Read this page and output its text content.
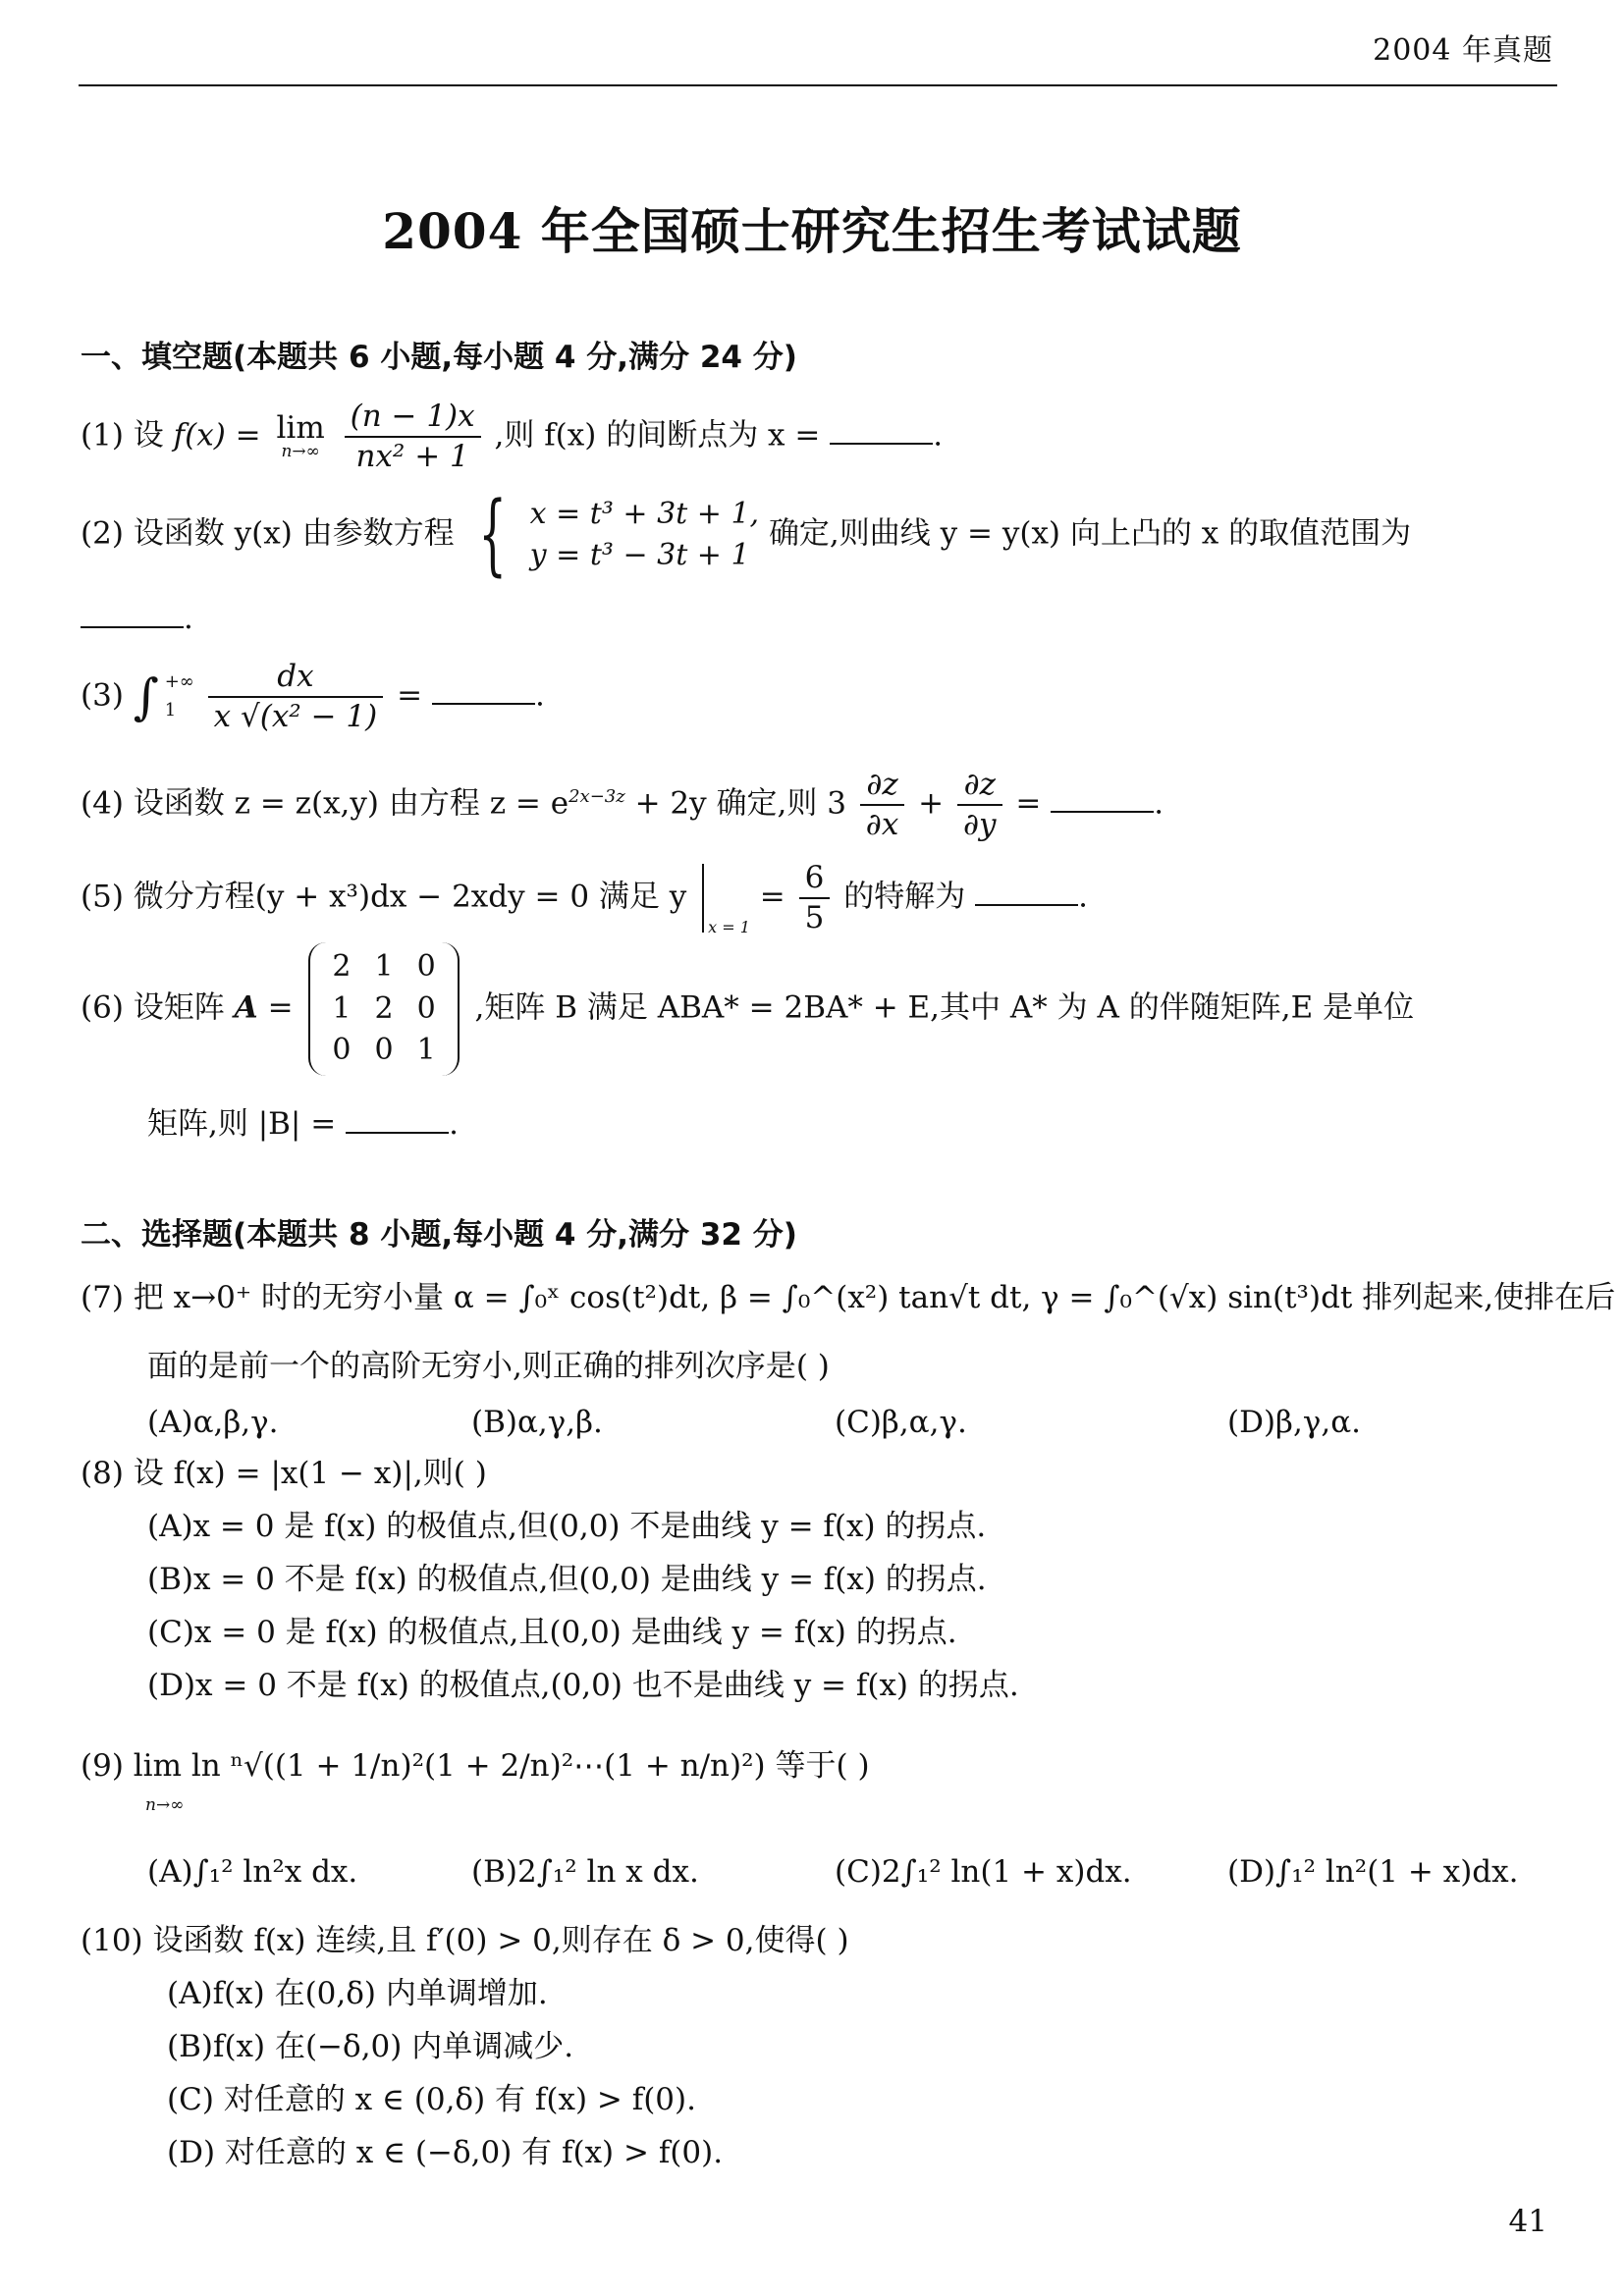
2004 年真题
2004 年全国硕士研究生招生考试试题
一、填空题(本题共 6 小题,每小题 4 分,满分 24 分)
(1) 设 f(x) = lim
n→∞
$\frac{(n - 1)x}{\text{nx² + 1}}$ ,则 f(x) 的间断点为 x =	.
(2) 设函数 y(x) 由参数方程 { x = t³ + 3t + 1,
y = t³ − 3t + 1
确定,则曲线 y = y(x) 向上凸的 x 的取值范围为
.
(3) ∫ +∞
1
	$\frac{dx}{\text{x √(x² − 1)}}$ =	.
(4) 设函数 z = z(x,y) 由方程 $z = e^{2x-3z} + 2y$ 确定,则 $3 \frac{\partial z}{\partial x} + \frac{\partial z}{\partial y}$ =	.
(5) 微分方程(y + x³)dx − 2xdy = 0 满足 y $x = 1 = \frac{6}{5}$ 的特解为	.
(6) 设矩阵 A =
2	1	0
1	2	0
0	0	1
,矩阵 B 满足 ABA* = 2BA* + E,其中 A* 为 A 的伴随矩阵,E 是单位
矩阵,则 |B| =	.
二、选择题(本题共 8 小题,每小题 4 分,满分 32 分)
(7) 把 x→0⁺ 时的无穷小量 α = ∫₀ˣ cos(t²)dt, β = ∫₀^(x²) tan√t dt, γ = ∫₀^(√x) sin(t³)dt 排列起来,使排在后
面的是前一个的高阶无穷小,则正确的排列次序是( )
(A)α,β,γ.	(B)α,γ,β.	(C)β,α,γ.	(D)β,γ,α.
(8) 设 f(x) = |x(1 − x)|,则( )
(A)x = 0 是 f(x) 的极值点,但(0,0) 不是曲线 y = f(x) 的拐点.
(B)x = 0 不是 f(x) 的极值点,但(0,0) 是曲线 y = f(x) 的拐点.
(C)x = 0 是 f(x) 的极值点,且(0,0) 是曲线 y = f(x) 的拐点.
(D)x = 0 不是 f(x) 的极值点,(0,0) 也不是曲线 y = f(x) 的拐点.
(9) lim ln ⁿ√((1 + 1/n)²(1 + 2/n)²⋯(1 + n/n)²) 等于( )
n→∞
(A)∫₁² ln²x dx.	(B)2∫₁² ln x dx.	(C)2∫₁² ln(1 + x)dx.	(D)∫₁² ln²(1 + x)dx.
(10) 设函数 f(x) 连续,且 f′(0) > 0,则存在 δ > 0,使得( )
(A)f(x) 在(0,δ) 内单调增加.
(B)f(x) 在(−δ,0) 内单调减少.
(C) 对任意的 x ∈ (0,δ) 有 f(x) > f(0).
(D) 对任意的 x ∈ (−δ,0) 有 f(x) > f(0).
41
